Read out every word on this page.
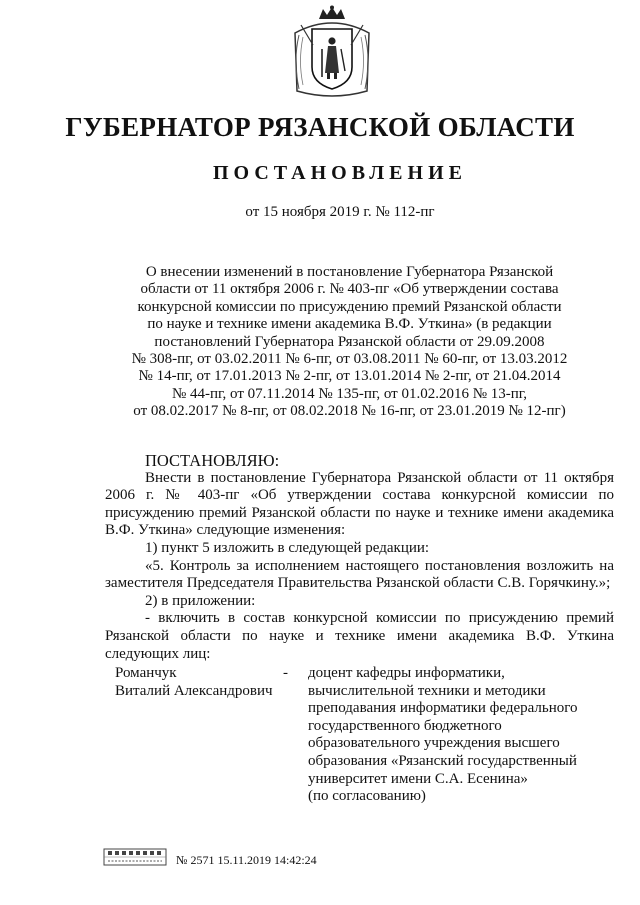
ГУБЕРНАТОР РЯЗАНСКОЙ ОБЛАСТИ
ПОСТАНОВЛЕНИЕ
от 15 ноября 2019 г. № 112-пг
О внесении изменений в постановление Губернатора Рязанской
области от 11 октября 2006 г. № 403-пг «Об утверждении состава
конкурсной комиссии по присуждению премий Рязанской области
по науке и технике имени академика В.Ф. Уткина» (в редакции
постановлений Губернатора Рязанской области от 29.09.2008
№ 308-пг, от 03.02.2011 № 6-пг, от 03.08.2011 № 60-пг, от 13.03.2012
№ 14-пг, от 17.01.2013 № 2-пг, от 13.01.2014 № 2-пг, от 21.04.2014
№ 44-пг, от 07.11.2014 № 135-пг, от 01.02.2016 № 13-пг,
от 08.02.2017 № 8-пг, от 08.02.2018 № 16-пг, от 23.01.2019 № 12-пг)

ПОСТАНОВЛЯЮ:

Внести в постановление Губернатора Рязанской области от 11 октября 2006 г. № 403-пг «Об утверждении состава конкурсной комиссии по присуждению премий Рязанской области по науке и технике имени академика В.Ф. Уткина» следующие изменения:

1) пункт 5 изложить в следующей редакции:

«5. Контроль за исполнением настоящего постановления возложить на заместителя Председателя Правительства Рязанской области С.В. Горячкину.»;

2) в приложении:

- включить в состав конкурсной комиссии по присуждению премий Рязанской области по науке и технике имени академика В.Ф. Уткина следующих лиц:

Романчук
Виталий Александрович
- доцент кафедры информатики,
вычислительной техники и методики
преподавания информатики федерального
государственного бюджетного
образовательного учреждения высшего
образования «Рязанский государственный
университет имени С.А. Есенина»
(по согласованию)
№ 2571 15.11.2019 14:42:24
